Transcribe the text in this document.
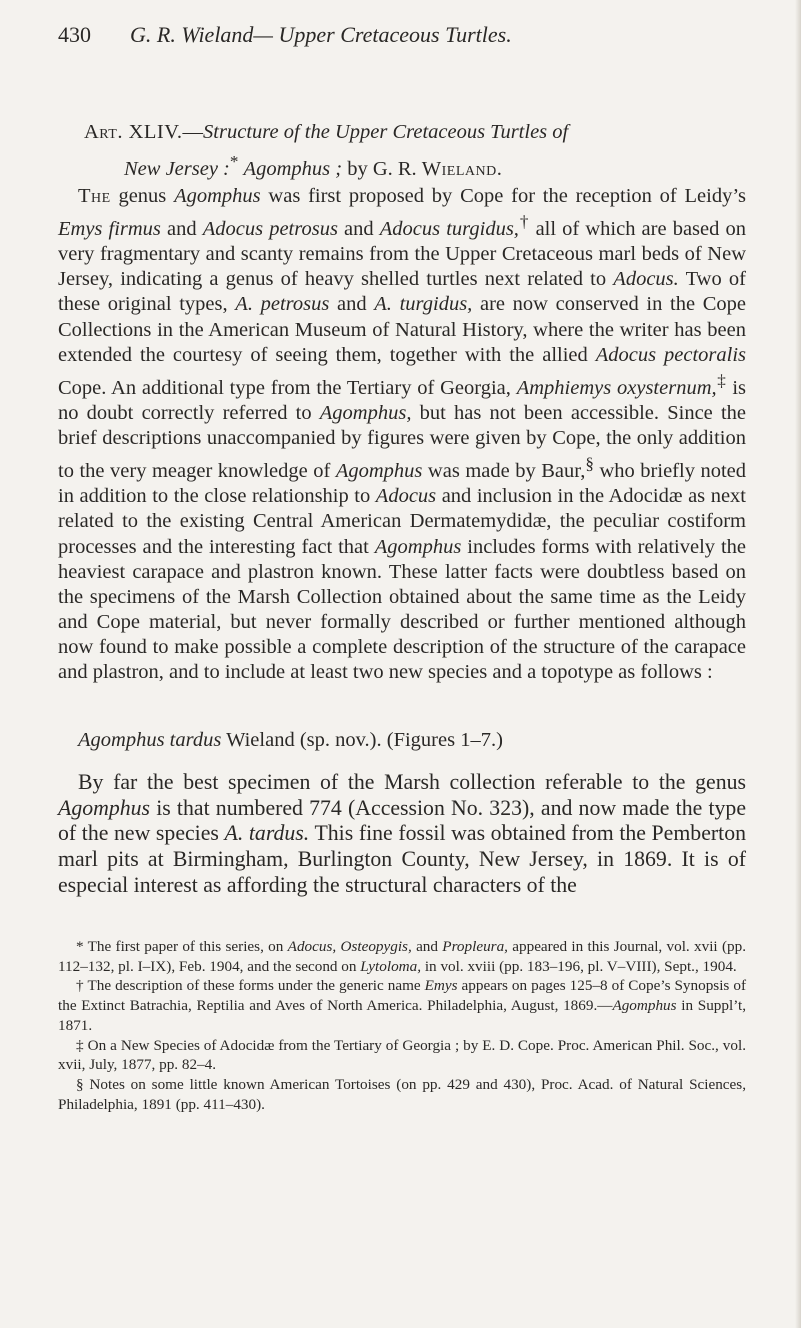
430 G. R. Wieland— Upper Cretaceous Turtles.
Art. XLIV.—Structure of the Upper Cretaceous Turtles of
New Jersey :* Agomphus ; by G. R. Wieland.
The genus Agomphus was first proposed by Cope for the reception of Leidy’s Emys firmus and Adocus petrosus and Adocus turgidus,† all of which are based on very fragmentary and scanty remains from the Upper Cretaceous marl beds of New Jersey, indicating a genus of heavy shelled turtles next related to Adocus. Two of these original types, A. petrosus and A. turgidus, are now conserved in the Cope Collections in the American Museum of Natural History, where the writer has been extended the courtesy of seeing them, together with the allied Adocus pectoralis Cope. An additional type from the Tertiary of Georgia, Amphiemys oxysternum,‡ is no doubt correctly referred to Agomphus, but has not been accessible. Since the brief descriptions unaccompanied by figures were given by Cope, the only addition to the very meager knowledge of Agomphus was made by Baur,§ who briefly noted in addition to the close relationship to Adocus and inclusion in the Adocidæ as next related to the existing Central American Dermatemydidæ, the peculiar costiform processes and the interesting fact that Agomphus includes forms with relatively the heaviest carapace and plastron known. These latter facts were doubtless based on the specimens of the Marsh Collection obtained about the same time as the Leidy and Cope material, but never formally described or further mentioned although now found to make possible a complete description of the structure of the carapace and plastron, and to include at least two new species and a topotype as follows :
Agomphus tardus Wieland (sp. nov.). (Figures 1–7.)
By far the best specimen of the Marsh collection referable to the genus Agomphus is that numbered 774 (Accession No. 323), and now made the type of the new species A. tardus. This fine fossil was obtained from the Pemberton marl pits at Birmingham, Burlington County, New Jersey, in 1869. It is of especial interest as affording the structural characters of the

* The first paper of this series, on Adocus, Osteopygis, and Propleura, appeared in this Journal, vol. xvii (pp. 112–132, pl. I–IX), Feb. 1904, and the second on Lytoloma, in vol. xviii (pp. 183–196, pl. V–VIII), Sept., 1904.

† The description of these forms under the generic name Emys appears on pages 125–8 of Cope’s Synopsis of the Extinct Batrachia, Reptilia and Aves of North America. Philadelphia, August, 1869.—Agomphus in Suppl’t, 1871.

‡ On a New Species of Adocidæ from the Tertiary of Georgia ; by E. D. Cope. Proc. American Phil. Soc., vol. xvii, July, 1877, pp. 82–4.

§ Notes on some little known American Tortoises (on pp. 429 and 430), Proc. Acad. of Natural Sciences, Philadelphia, 1891 (pp. 411–430).
